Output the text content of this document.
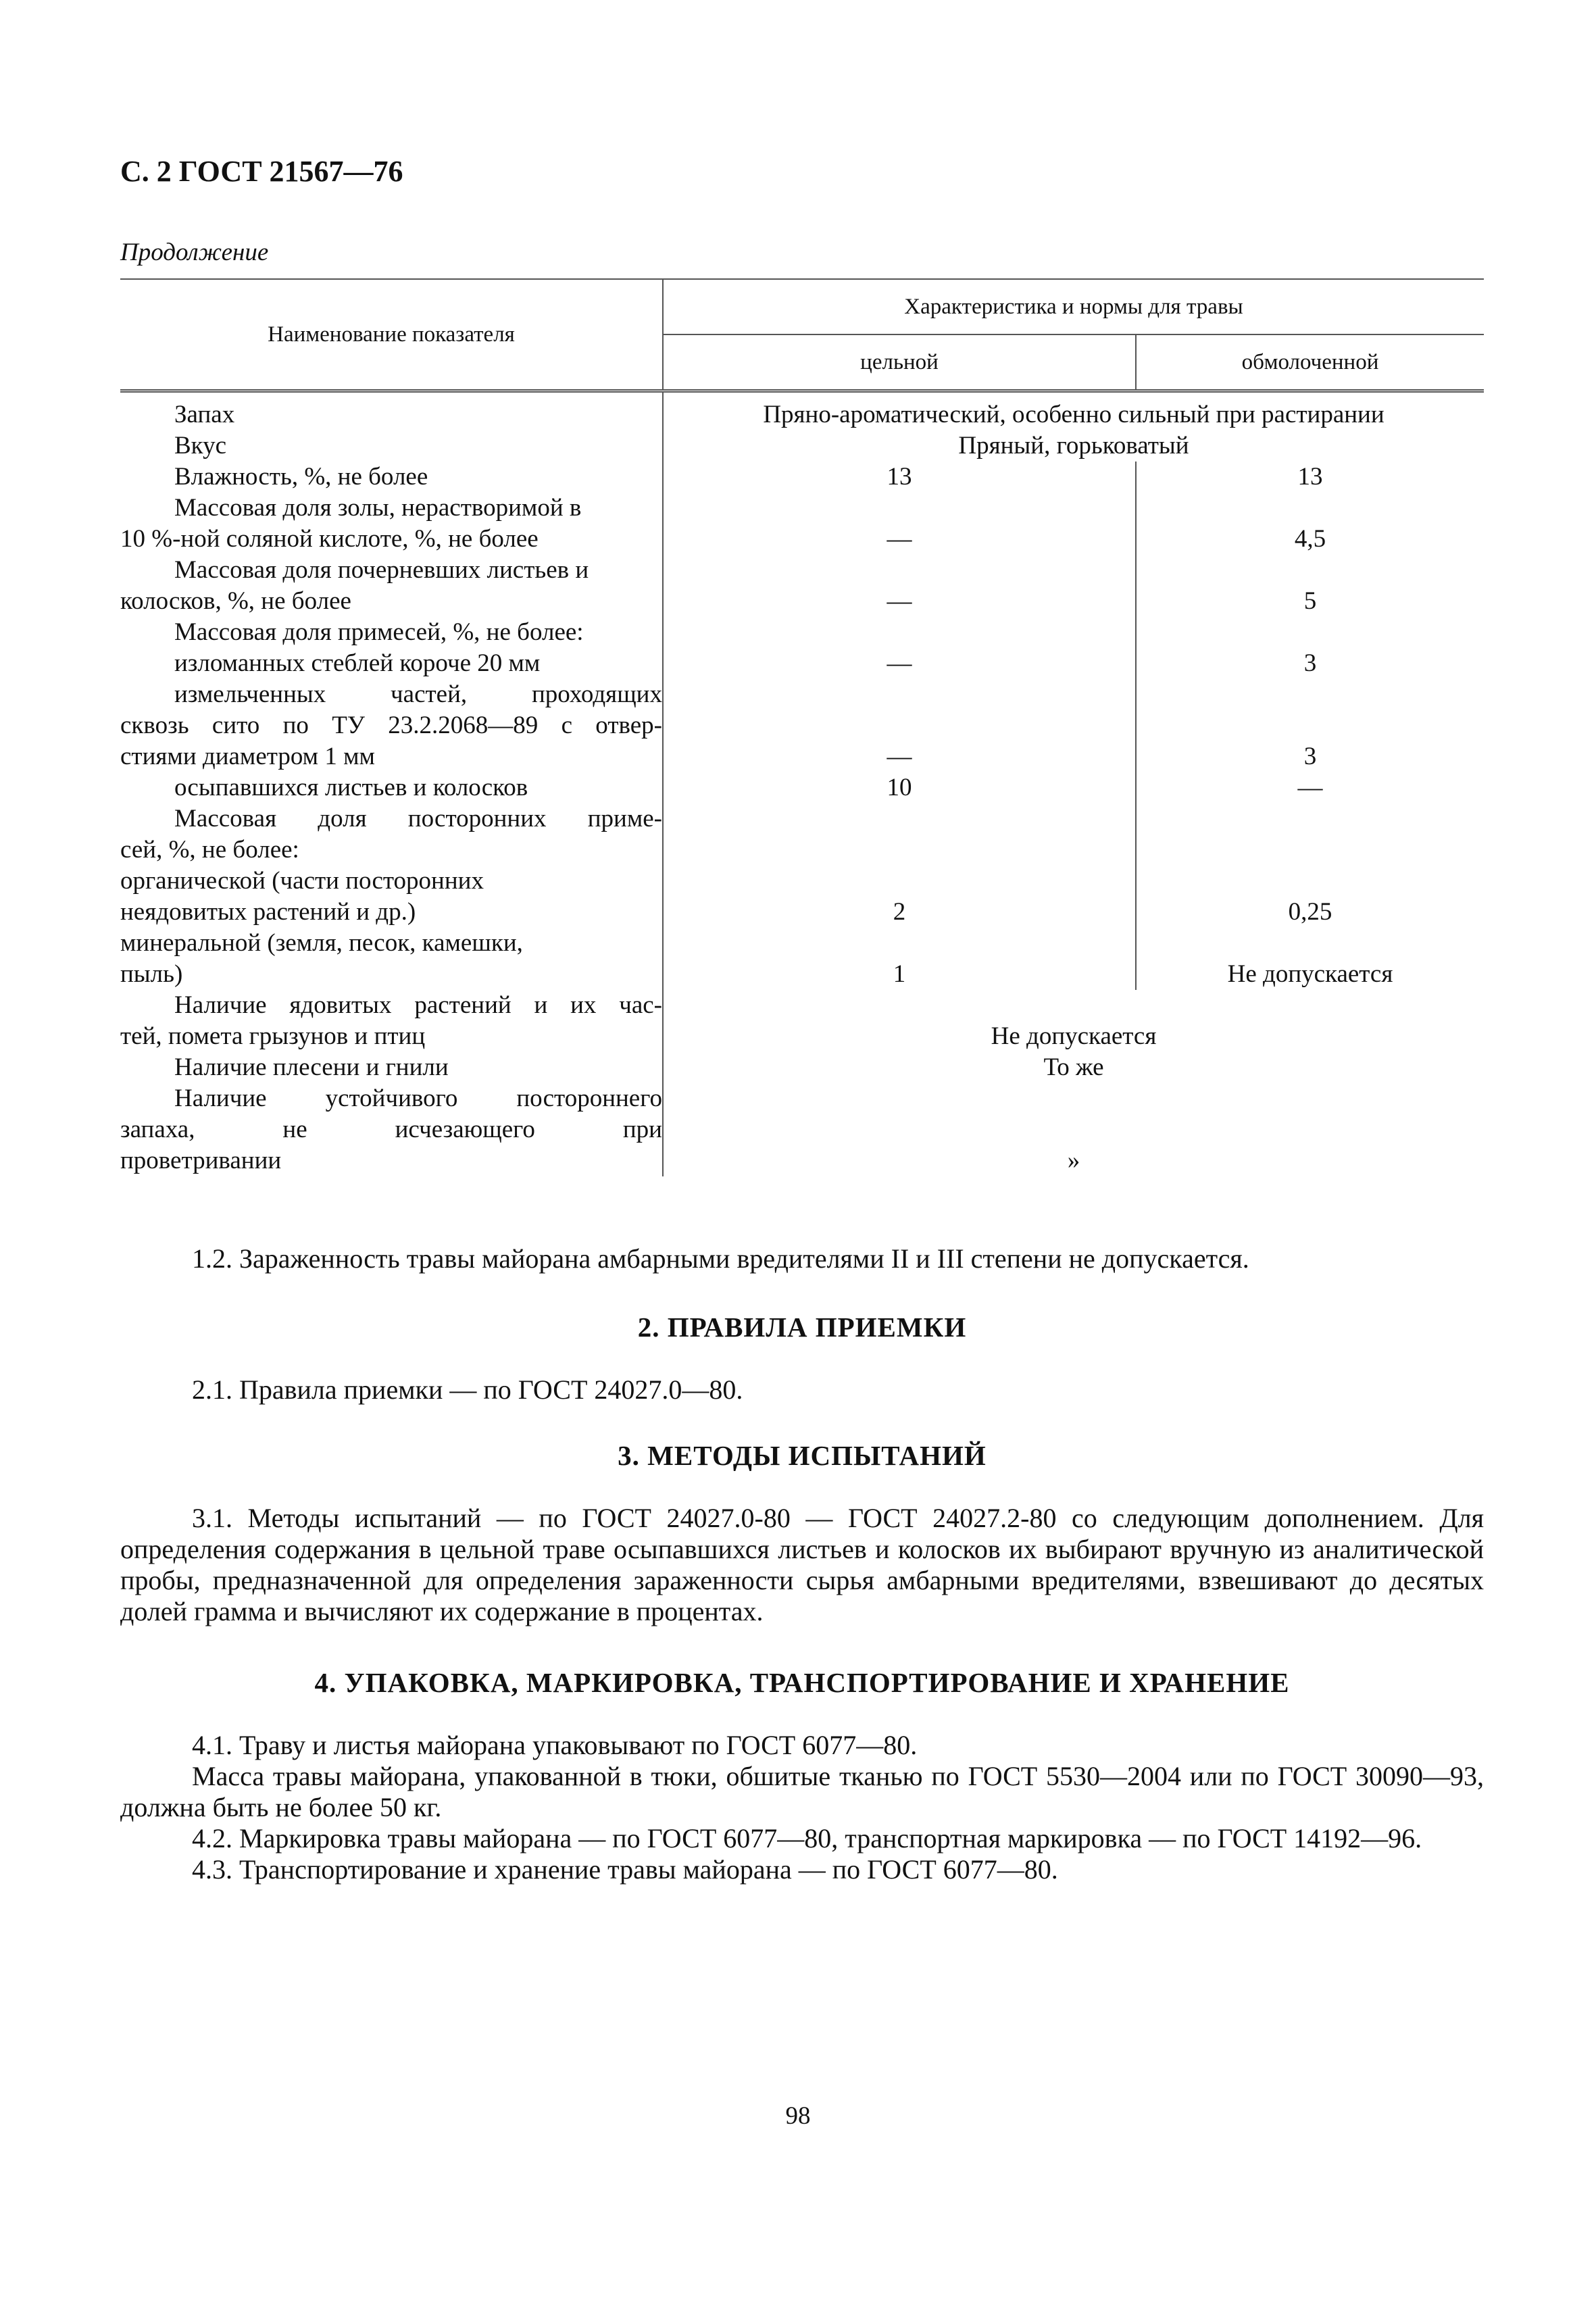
С. 2 ГОСТ 21567—76
Продолжение
Наименование показателя	Характеристика и нормы для травы	
	цельной	обмолоченной
Запах	Пряно-ароматический, особенно сильный при растирании	
Вкус	Пряный, горьковатый	
Влажность, %, не более	13	13

Массовая доля золы, нерастворимой в
10 %-ной соляной кислоте, %, не более	—	4,5

Массовая доля почерневших листьев и
колосков, %, не более	—	5
Массовая доля примесей, %, не более:		
изломанных стеблей короче 20 мм	—	3

измельченных частей, проходящих
сквозь сито по ТУ 23.2.2068—89 с отвер-
стиями диаметром 1 мм	—	3
осыпавшихся листьев и колосков	10	—

Массовая доля посторонних приме-
сей, %, не более:		

органической (части посторонних
неядовитых растений и др.)	2	0,25

минеральной (земля, песок, камешки,
пыль)	1	Не допускается

Наличие ядовитых растений и их час-
тей, помета грызунов и птиц	Не допускается	
Наличие плесени и гнили	То же	

Наличие устойчивого постороннего
запаха, не исчезающего при
проветривании	»	

1.2. Зараженность травы майорана амбарными вредителями II и III степени не допускается.

2. ПРАВИЛА ПРИЕМКИ

2.1. Правила приемки — по ГОСТ 24027.0—80.

3. МЕТОДЫ ИСПЫТАНИЙ

3.1. Методы испытаний — по ГОСТ 24027.0-80 — ГОСТ 24027.2-80 со следующим дополнением. Для определения содержания в цельной траве осыпавшихся листьев и колосков их выбирают вручную из аналитической пробы, предназначенной для определения зараженности сырья амбарными вредителями, взвешивают до десятых долей грамма и вычисляют их содержание в процентах.

4. УПАКОВКА, МАРКИРОВКА, ТРАНСПОРТИРОВАНИЕ И ХРАНЕНИЕ

4.1. Траву и листья майорана упаковывают по ГОСТ 6077—80.

Масса травы майорана, упакованной в тюки, обшитые тканью по ГОСТ 5530—2004 или по ГОСТ 30090—93, должна быть не более 50 кг.

4.2. Маркировка травы майорана — по ГОСТ 6077—80, транспортная маркировка — по ГОСТ 14192—96.

4.3. Транспортирование и хранение травы майорана — по ГОСТ 6077—80.

98
